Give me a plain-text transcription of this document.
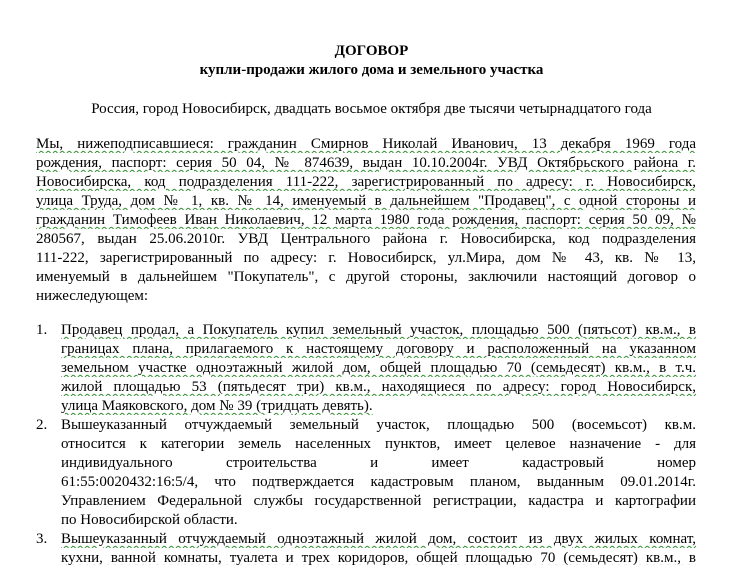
ДОГОВОР
купли-продажи жилого дома и земельного участка
Россия, город Новосибирск, двадцать восьмое октября две тысячи четырнадцатого года
Мы, нижеподписавшиеся: гражданин Смирнов Николай Иванович, 13 декабря 1969 года
рождения, паспорт: серия 50 04, № 874639, выдан 10.10.2004г. УВД Октябрьского района г.
Новосибирска, код подразделения 111-222, зарегистрированный по адресу: г. Новосибирск,
улица Труда, дом № 1, кв. № 14, именуемый в дальнейшем "Продавец", с одной стороны и
гражданин Тимофеев Иван Николаевич, 12 марта 1980 года рождения, паспорт: серия 50 09, №
280567, выдан 25.06.2010г. УВД Центрального района г. Новосибирска, код подразделения
111-222, зарегистрированный по адресу: г. Новосибирск, ул.Мира, дом № 43, кв. № 13,
именуемый в дальнейшем "Покупатель", с другой стороны, заключили настоящий договор о
нижеследующем:
1. Продавец продал, а Покупатель купил земельный участок, площадью 500 (пятьсот) кв.м., в
границах плана, прилагаемого к настоящему договору и расположенный на указанном
земельном участке одноэтажный жилой дом, общей площадью 70 (семьдесят) кв.м., в т.ч.
жилой площадью 53 (пятьдесят три) кв.м., находящиеся по адресу: город Новосибирск,
улица Маяковского, дом № 39 (тридцать девять).
2. Вышеуказанный отчуждаемый земельный участок, площадью 500 (восемьсот) кв.м.
относится к категории земель населенных пунктов, имеет целевое назначение - для
индивидуального строительства и имеет кадастровый номер
61:55:0020432:16:5/4, что подтверждается кадастровым планом, выданным 09.01.2014г.
Управлением Федеральной службы государственной регистрации, кадастра и картографии
по Новосибирской области.
3. Вышеуказанный отчуждаемый одноэтажный жилой дом, состоит из двух жилых комнат,
кухни, ванной комнаты, туалета и трех коридоров, общей площадью 70 (семьдесят) кв.м., в
